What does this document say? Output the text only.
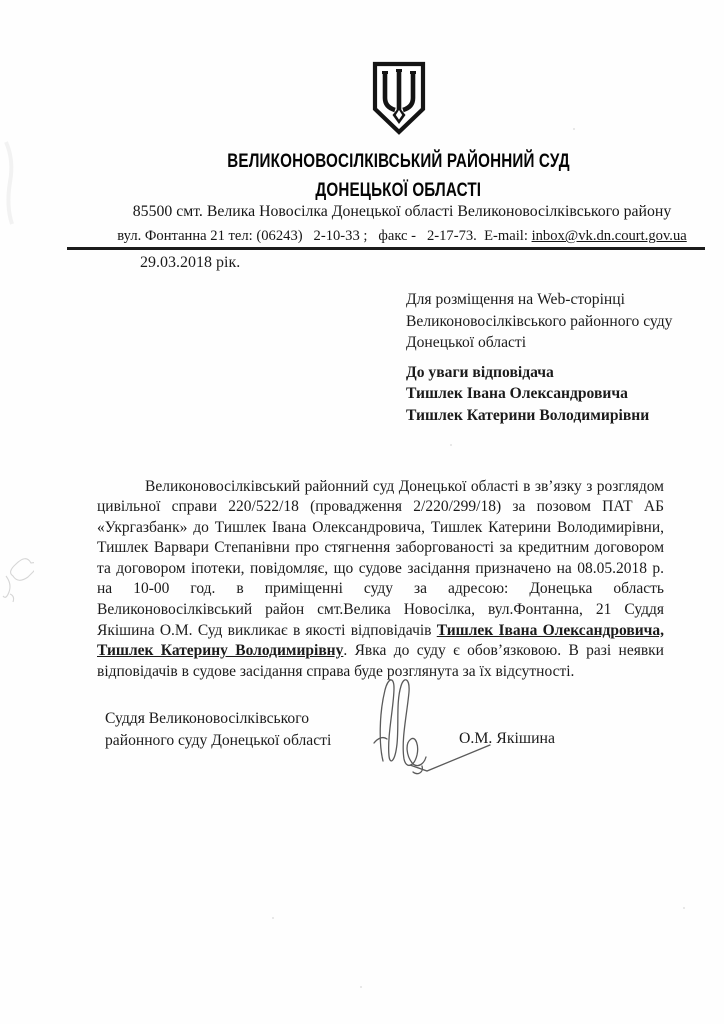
ВЕЛИКОНОВОСІЛКІВСЬКИЙ РАЙОННИЙ СУД
ДОНЕЦЬКОЇ ОБЛАСТІ
85500 смт. Велика Новосілка Донецької області Великоновосілківського району
вул. Фонтанна 21 тел: (06243)   2-10-33 ;   факс -   2-17-73.  E-mail: inbox@vk.dn.court.gov.ua
29.03.2018 рік.
Для розміщення на Web-сторінці
Великоновосілківського районного суду
Донецької області
До уваги відповідача
Тишлек Івана Олександровича
Тишлек Катерини Володимирівни

Великоновосілківський районний суд Донецької області в зв’язку з розглядом цивільної справи 220/522/18 (провадження 2/220/299/18) за позовом ПАТ АБ «Укргазбанк» до Тишлек Івана Олександровича, Тишлек Катерини Володимирівни, Тишлек Варвари Степанівни про стягнення заборгованості за кредитним договором та договором іпотеки, повідомляє, що судове засідання призначено на 08.05.2018 р. на 10-00 год. в приміщенні суду за адресою: Донецька область Великоновосілківський район смт.Велика Новосілка, вул.Фонтанна, 21 Суддя Якішина О.М. Суд викликає в якості відповідачів Тишлек Івана Олександровича, Тишлек Катерину Володимирівну. Явка до суду є обов’язковою. В разі неявки відповідачів в судове засідання справа буде розглянута за їх відсутності.

Суддя Великоновосілківського
районного суду Донецької області	О.М. Якішина
